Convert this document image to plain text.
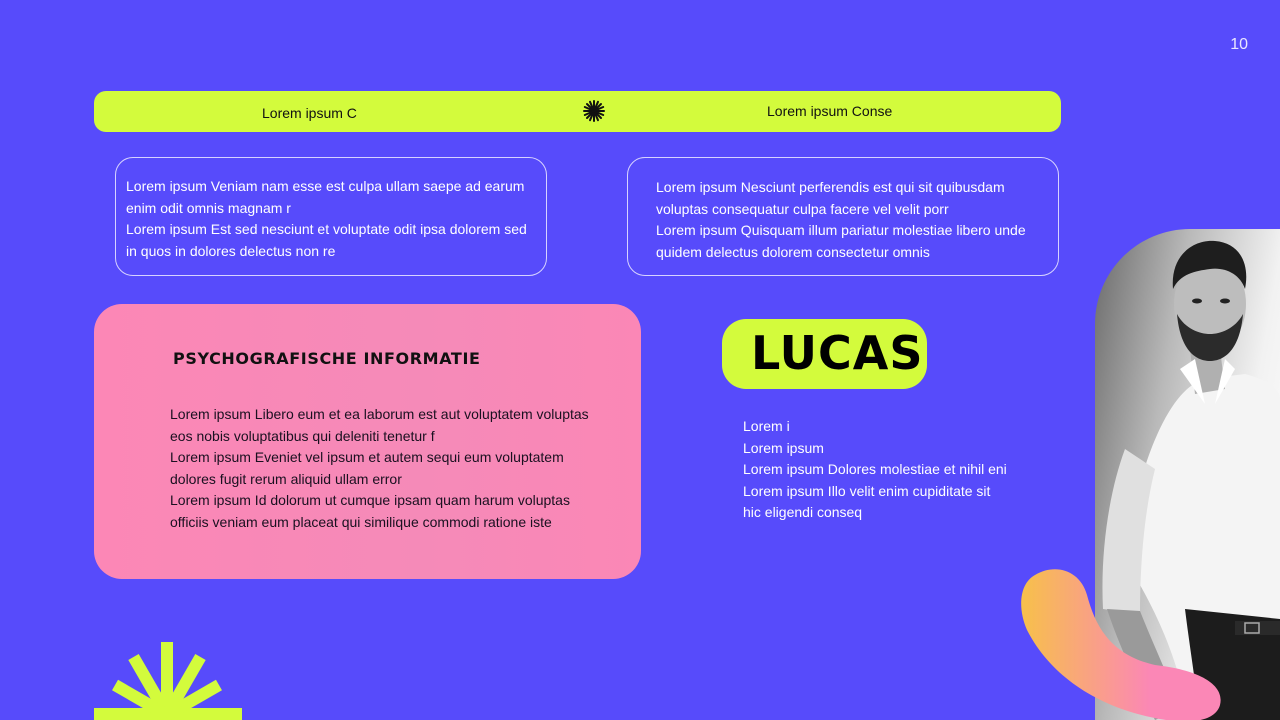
10
Lorem ipsum C	Lorem ipsum Conse
Lorem ipsum Veniam nam esse est culpa ullam saepe ad earum enim odit omnis magnam r
Lorem ipsum Est sed nesciunt et voluptate odit ipsa dolorem sed in quos in dolores delectus non re
Lorem ipsum Nesciunt perferendis est qui sit quibusdam voluptas consequatur culpa facere vel velit porr
Lorem ipsum Quisquam illum pariatur molestiae libero unde quidem delectus dolorem consectetur omnis
PSYCHOGRAFISCHE INFORMATIE
Lorem ipsum Libero eum et ea laborum est aut voluptatem voluptas eos nobis voluptatibus qui deleniti tenetur f
Lorem ipsum Eveniet vel ipsum et autem sequi eum voluptatem dolores fugit rerum aliquid ullam error
Lorem ipsum Id dolorum ut cumque ipsam quam harum voluptas officiis veniam eum placeat qui similique commodi ratione iste
LUCAS
Lorem i
Lorem ipsum
Lorem ipsum Dolores molestiae et nihil eni
Lorem ipsum Illo velit enim cupiditate sit hic eligendi conseq
